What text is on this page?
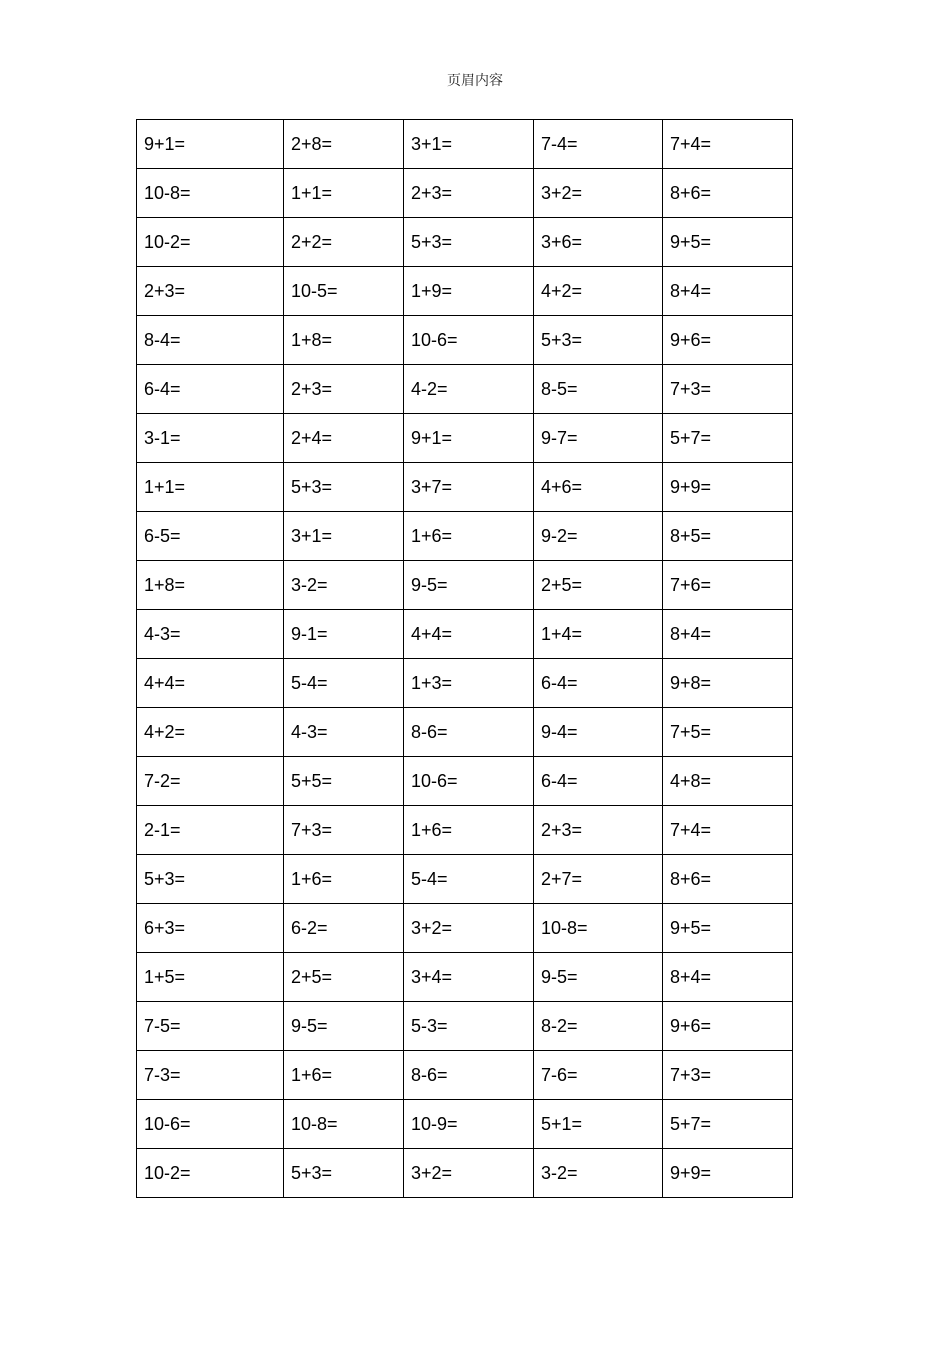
页眉内容
9+1=	2+8=	3+1=	7-4=	7+4=
10-8=	1+1=	2+3=	3+2=	8+6=
10-2=	2+2=	5+3=	3+6=	9+5=
2+3=	10-5=	1+9=	4+2=	8+4=
8-4=	1+8=	10-6=	5+3=	9+6=
6-4=	2+3=	4-2=	8-5=	7+3=
3-1=	2+4=	9+1=	9-7=	5+7=
1+1=	5+3=	3+7=	4+6=	9+9=
6-5=	3+1=	1+6=	9-2=	8+5=
1+8=	3-2=	9-5=	2+5=	7+6=
4-3=	9-1=	4+4=	1+4=	8+4=
4+4=	5-4=	1+3=	6-4=	9+8=
4+2=	4-3=	8-6=	9-4=	7+5=
7-2=	5+5=	10-6=	6-4=	4+8=
2-1=	7+3=	1+6=	2+3=	7+4=
5+3=	1+6=	5-4=	2+7=	8+6=
6+3=	6-2=	3+2=	10-8=	9+5=
1+5=	2+5=	3+4=	9-5=	8+4=
7-5=	9-5=	5-3=	8-2=	9+6=
7-3=	1+6=	8-6=	7-6=	7+3=
10-6=	10-8=	10-9=	5+1=	5+7=
10-2=	5+3=	3+2=	3-2=	9+9=
